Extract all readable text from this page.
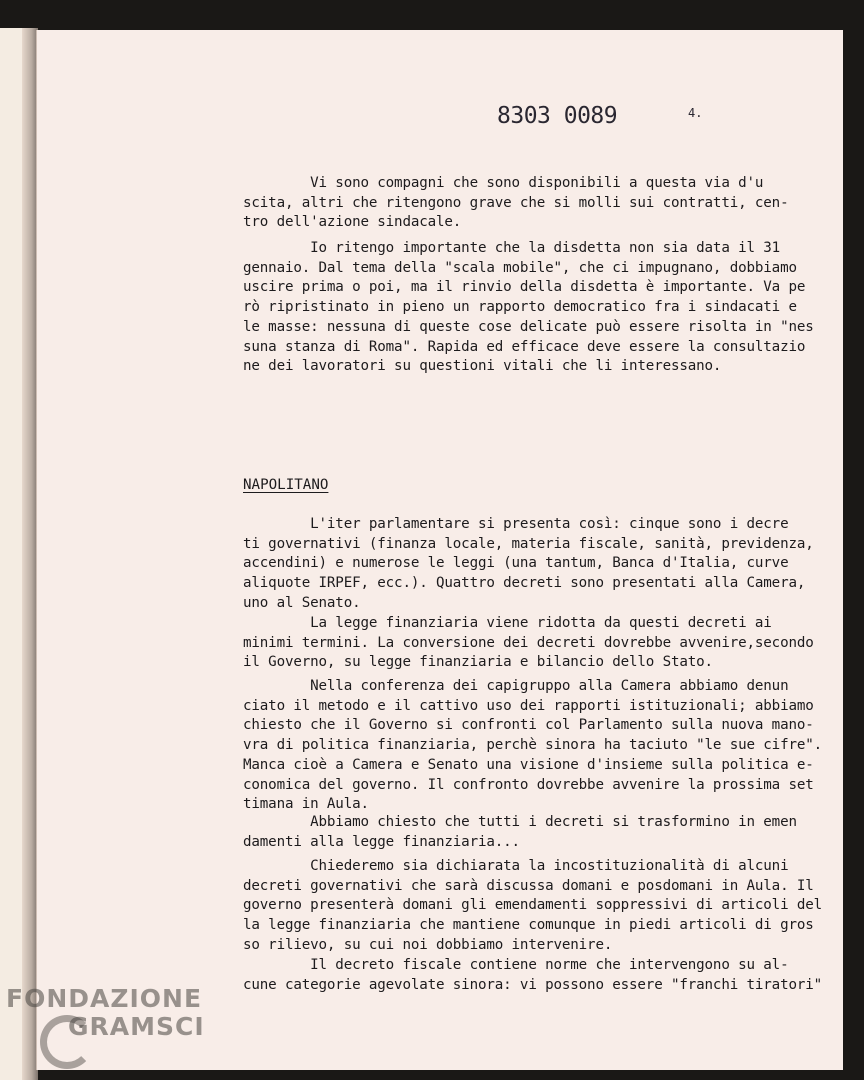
8303 0089	4.
Vi sono compagni che sono disponibili a questa via d'u
scita, altri che ritengono grave che si molli sui contratti, cen-
tro dell'azione sindacale.
Io ritengo importante che la disdetta non sia data il 31
gennaio. Dal tema della "scala mobile", che ci impugnano, dobbiamo
uscire prima o poi, ma il rinvio della disdetta è importante. Va pe
rò ripristinato in pieno un rapporto democratico fra i sindacati e
le masse: nessuna di queste cose delicate può essere risolta in "nes
suna stanza di Roma". Rapida ed efficace deve essere la consultazio
ne dei lavoratori su questioni vitali che li interessano.
NAPOLITANO
L'iter parlamentare si presenta così: cinque sono i decre
ti governativi (finanza locale, materia fiscale, sanità, previdenza,
accendini) e numerose le leggi (una tantum, Banca d'Italia, curve
aliquote IRPEF, ecc.). Quattro decreti sono presentati alla Camera,
uno al Senato.
La legge finanziaria viene ridotta da questi decreti ai
minimi termini. La conversione dei decreti dovrebbe avvenire,secondo
il Governo, su legge finanziaria e bilancio dello Stato.
Nella conferenza dei capigruppo alla Camera abbiamo denun
ciato il metodo e il cattivo uso dei rapporti istituzionali; abbiamo
chiesto che il Governo si confronti col Parlamento sulla nuova mano-
vra di politica finanziaria, perchè sinora ha taciuto "le sue cifre".
Manca cioè a Camera e Senato una visione d'insieme sulla politica e-
conomica del governo. Il confronto dovrebbe avvenire la prossima set
timana in Aula.
Abbiamo chiesto che tutti i decreti si trasformino in emen
damenti alla legge finanziaria...
Chiederemo sia dichiarata la incostituzionalità di alcuni
decreti governativi che sarà discussa domani e posdomani in Aula. Il
governo presenterà domani gli emendamenti soppressivi di articoli del
la legge finanziaria che mantiene comunque in piedi articoli di gros
so rilievo, su cui noi dobbiamo intervenire.
Il decreto fiscale contiene norme che intervengono su al-
cune categorie agevolate sinora: vi possono essere "franchi tiratori"
FONDAZIONE
GRAMSCI
